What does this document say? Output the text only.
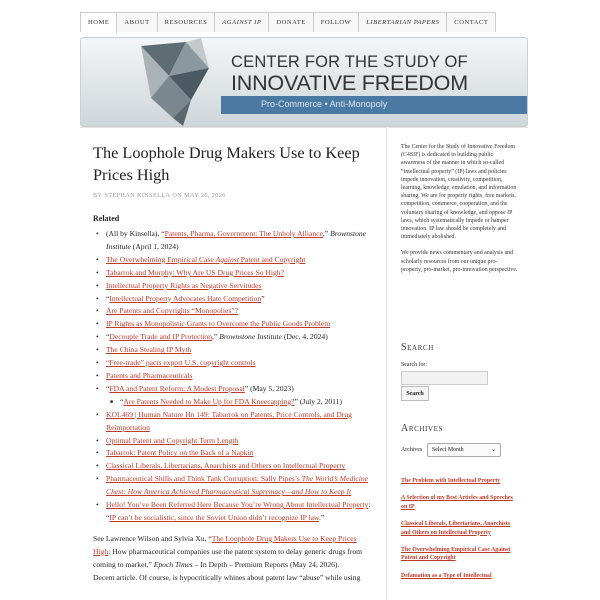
HOME	ABOUT	RESOURCES	AGAINST IP	DONATE	FOLLOW	LIBERTARIAN PAPERS	CONTACT
CENTER FOR THE STUDY OF
INNOVATIVE FREEDOM
Pro-Commerce • Anti-Monopoly
The Loophole Drug Makers Use to Keep Prices High
BY STEPHAN KINSELLA ON MAY 26, 2026
Related
• (All by Kinsella), “Patents, Pharma, Government: The Unholy Alliance,” Brownstone Institute (April 1, 2024)
• The Overwhelming Empirical Case Against Patent and Copyright
• Tabarrok and Murphy: Why Are US Drug Prices So High?
• Intellectual Property Rights as Negative Servitudes
• “Intellectual Property Advocates Hate Competition”
• Are Patents and Copyrights “Monopolies”?
• IP Rights as Monopolistic Grants to Overcome the Public Goods Problem
• “Decouple Trade and IP Protection,” Brownstone Institute (Dec. 4, 2024)
• The China Stealing IP Myth
• “Free-trade” pacts export U.S. copyright controls
• Patents and Pharmaceuticals
• “FDA and Patent Reform: A Modest Proposal” (May 5, 2023)
■ “Are Patents Needed to Make Up for FDA Kneecapping?” (July 2, 2011)
• KOL469 | Human Nature Hn 149: Tabarrok on Patents, Price Controls, and Drug Reimportation
• Optimal Patent and Copyright Term Length
• Tabarrok: Patent Policy on the Back of a Napkin
• Classical Liberals, Libertarians, Anarchists and Others on Intellectual Property
• Pharmaceutical Shills and Think Tank Corruption: Sally Pipes’s The World’s Medicine Chest: How America Achieved Pharmaceutical Supremacy—and How to Keep It
• Hello! You’ve Been Referred Here Because You’re Wrong About Intellectual Property: “IP can’t be socialistic, since the Soviet Union didn’t recognize IP law.”

See Lawrence Wilson and Sylvia Xu, “The Loophole Drug Makers Use to Keep Prices High: How pharmaceutical companies use the patent system to delay generic drugs from coming to market,” Epoch Times – In Depth – Premium Reports (May 24, 2026).
Decent article. Of course, is hypocritically whines about patent law “abuse” while using

The Center for the Study of Innovative Freedom (C4SIF) is dedicated to building public awareness of the manner in which so-called “intellectual property” (IP) laws and policies impede innovation, creativity, competition, learning, knowledge, emulation, and information sharing. We are for property rights, free markets, competition, commerce, cooperation, and the voluntary sharing of knowledge, and oppose IP laws, which systematically impede or hamper innovation. IP law should be completely and immediately abolished.

We provide news commentary and analysis and scholarly resources from our unique pro-property, pro-market, pro-innovation perspective.

Search
Search for:
Search
Archives
Archives	Select Month	⌄
The Problem with Intellectual Property
A Selection of my Best Articles and Speeches on IP
Classical Liberals, Libertarians, Anarchists and Others on Intellectual Property
The Overwhelming Empirical Case Against Patent and Copyright
Defamation as a Type of Intellectual
